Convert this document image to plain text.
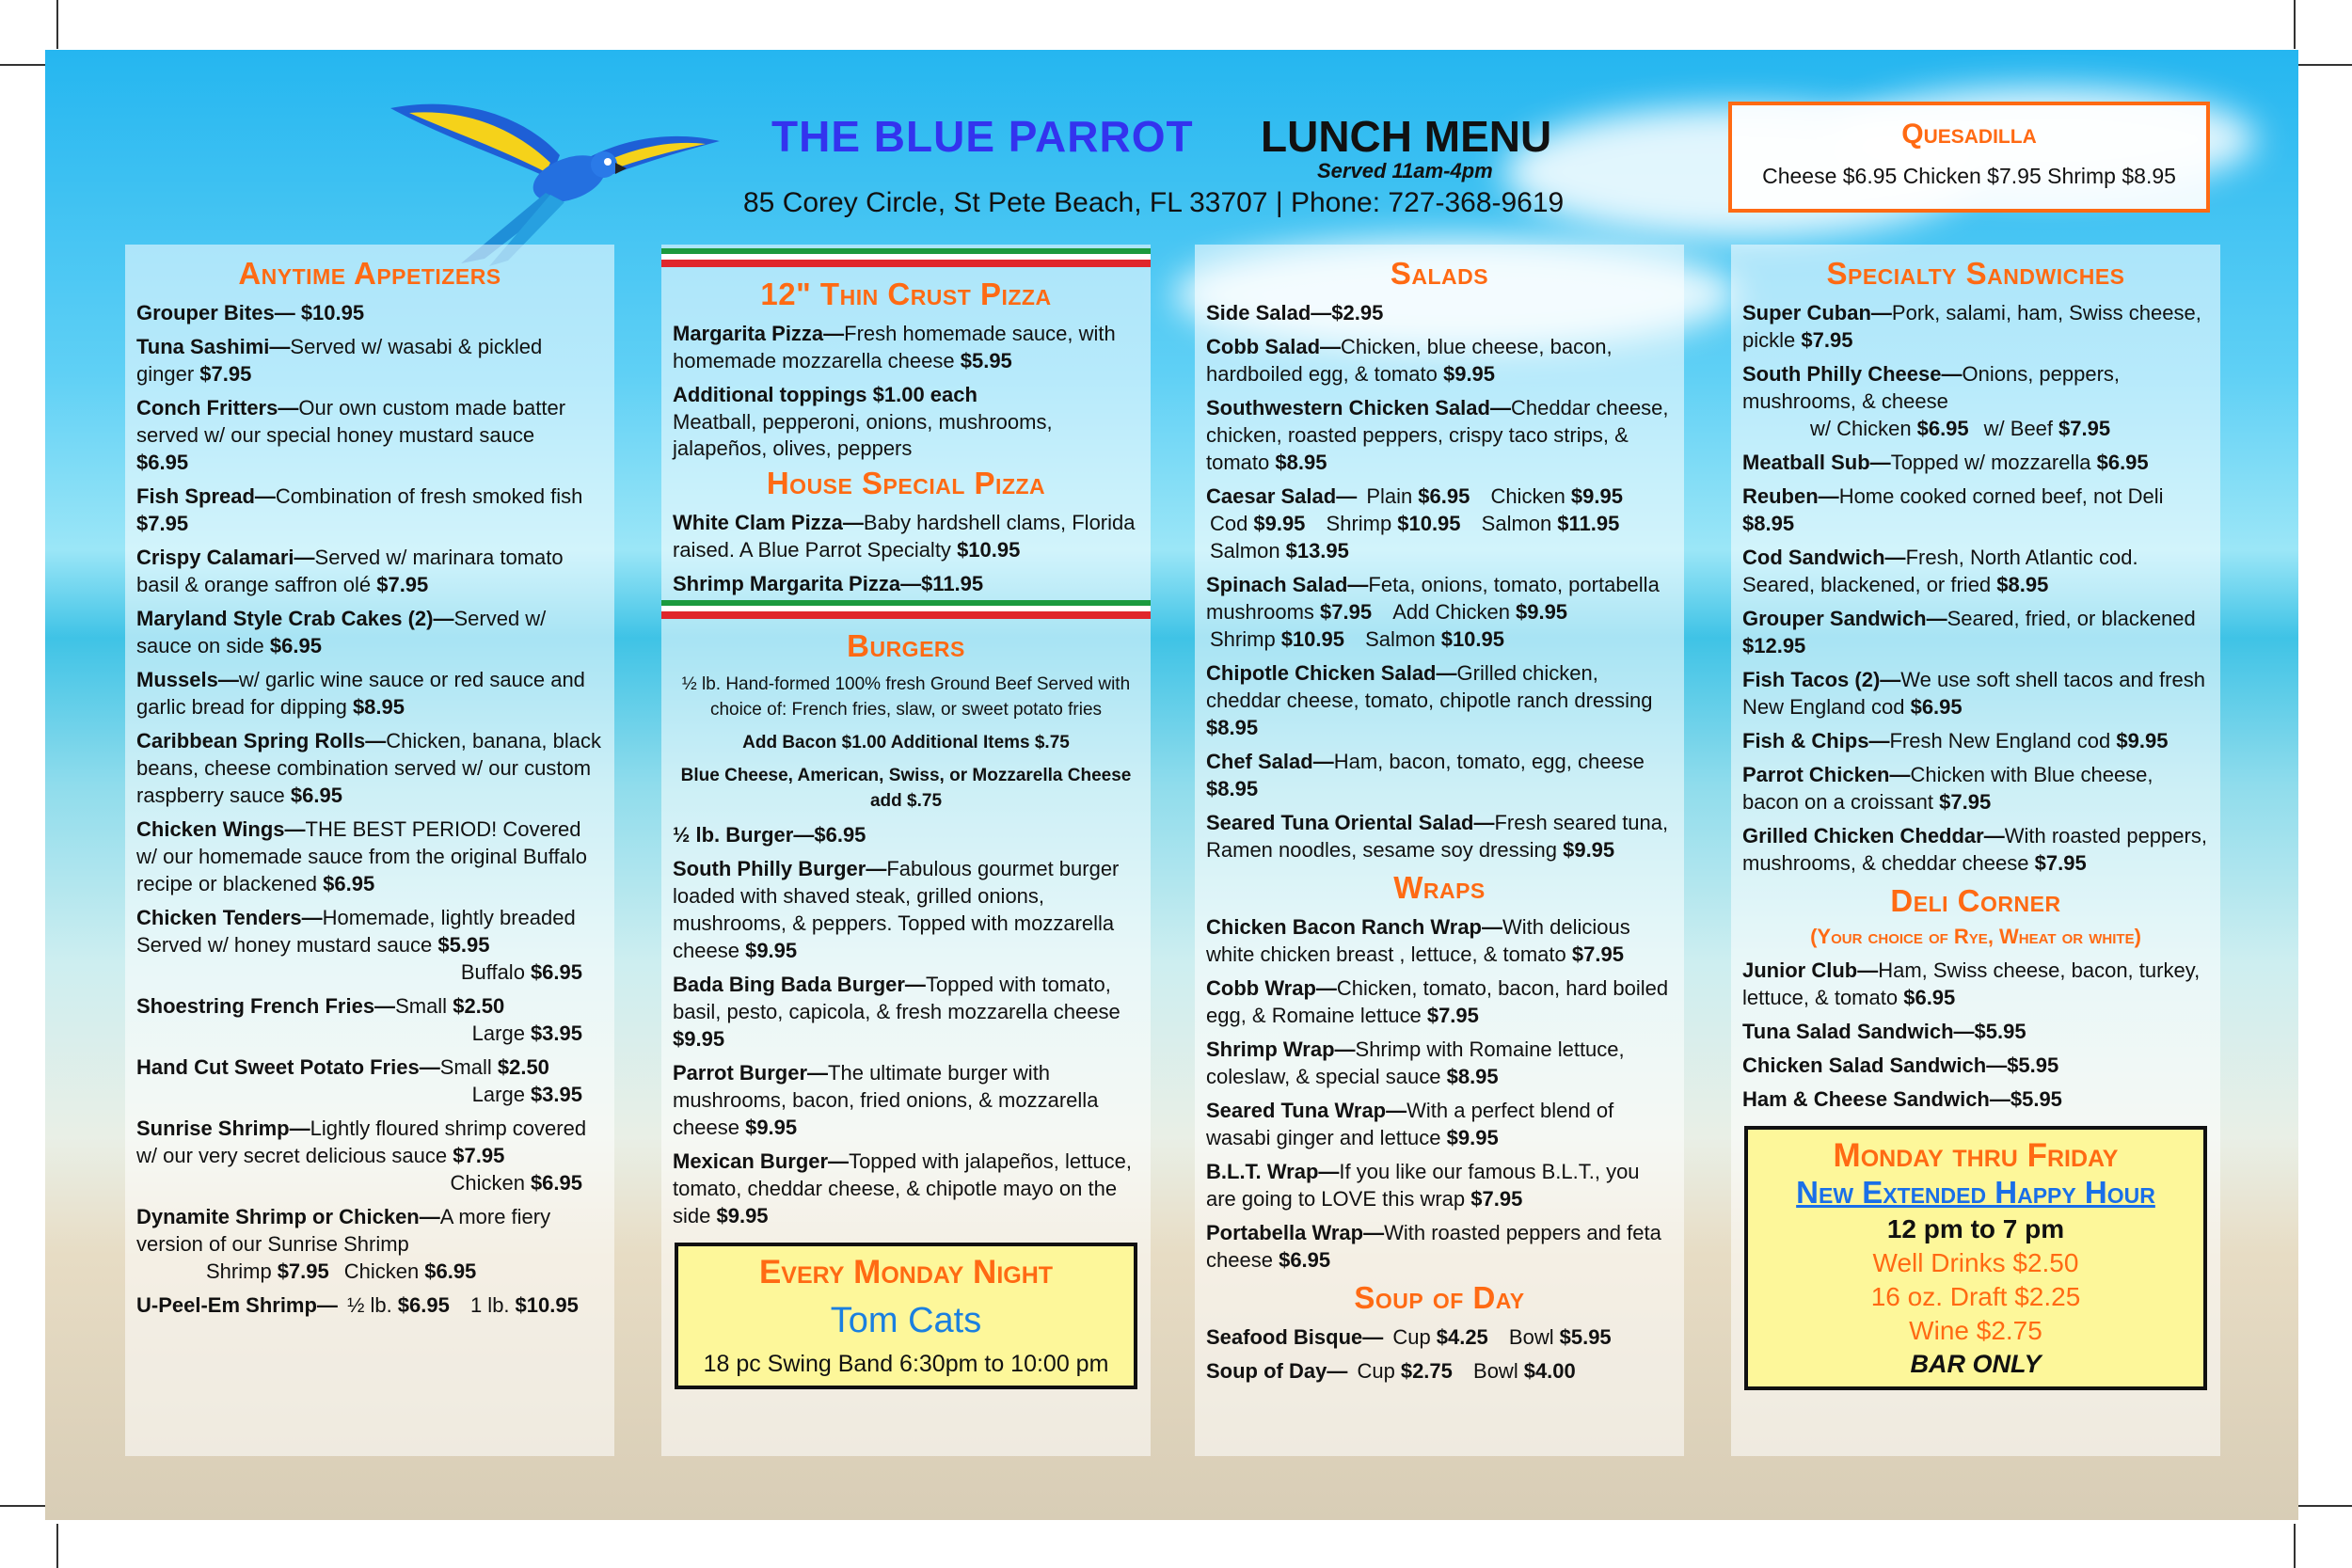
THE BLUE PARROT LUNCH MENU
Served 11am-4pm
85 Corey Circle, St Pete Beach, FL 33707 | Phone: 727-368-9619
Quesadilla
Cheese $6.95 Chicken $7.95 Shrimp $8.95
Anytime Appetizers
Grouper Bites— $10.95
Tuna Sashimi—Served w/ wasabi & pickled ginger $7.95
Conch Fritters—Our own custom made batter served w/ our special honey mustard sauce $6.95
Fish Spread—Combination of fresh smoked fish $7.95
Crispy Calamari—Served w/ marinara tomato basil & orange saffron olé $7.95
Maryland Style Crab Cakes (2)—Served w/ sauce on side $6.95
Mussels—w/ garlic wine sauce or red sauce and garlic bread for dipping $8.95
Caribbean Spring Rolls—Chicken, banana, black beans, cheese combination served w/ our custom raspberry sauce $6.95
Chicken Wings—THE BEST PERIOD! Covered w/ our homemade sauce from the original Buffalo recipe or blackened $6.95
Chicken Tenders—Homemade, lightly breaded Served w/ honey mustard sauce $5.95
Buffalo $6.95
Shoestring French Fries—Small $2.50
Large $3.95
Hand Cut Sweet Potato Fries—Small $2.50
Large $3.95
Sunrise Shrimp—Lightly floured shrimp covered w/ our very secret delicious sauce $7.95
Chicken $6.95
Dynamite Shrimp or Chicken—A more fiery version of our Sunrise Shrimp
Shrimp $7.95 Chicken $6.95
U-Peel-Em Shrimp— ½ lb. $6.95 1 lb. $10.95
12" Thin Crust Pizza
Margarita Pizza—Fresh homemade sauce, with homemade mozzarella cheese $5.95
Additional toppings $1.00 each
Meatball, pepperoni, onions, mushrooms, jalapeños, olives, peppers
House Special Pizza
White Clam Pizza—Baby hardshell clams, Florida raised. A Blue Parrot Specialty $10.95
Shrimp Margarita Pizza—$11.95
Burgers
½ lb. Hand-formed 100% fresh Ground Beef Served with choice of: French fries, slaw, or sweet potato fries
Add Bacon $1.00 Additional Items $.75
Blue Cheese, American, Swiss, or Mozzarella Cheese add $.75
½ lb. Burger—$6.95
South Philly Burger—Fabulous gourmet burger loaded with shaved steak, grilled onions, mushrooms, & peppers. Topped with mozzarella cheese $9.95
Bada Bing Bada Burger—Topped with tomato, basil, pesto, capicola, & fresh mozzarella cheese $9.95
Parrot Burger—The ultimate burger with mushrooms, bacon, fried onions, & mozzarella cheese $9.95
Mexican Burger—Topped with jalapeños, lettuce, tomato, cheddar cheese, & chipotle mayo on the side $9.95
Every Monday Night
Tom Cats
18 pc Swing Band 6:30pm to 10:00 pm
Salads
Side Salad—$2.95
Cobb Salad—Chicken, blue cheese, bacon, hardboiled egg, & tomato $9.95
Southwestern Chicken Salad—Cheddar cheese, chicken, roasted peppers, crispy taco strips, & tomato $8.95
Caesar Salad— Plain $6.95 Chicken $9.95 Cod $9.95 Shrimp $10.95 Salmon $11.95 Salmon $13.95
Spinach Salad—Feta, onions, tomato, portabella mushrooms $7.95 Add Chicken $9.95 Shrimp $10.95 Salmon $10.95
Chipotle Chicken Salad—Grilled chicken, cheddar cheese, tomato, chipotle ranch dressing $8.95
Chef Salad—Ham, bacon, tomato, egg, cheese $8.95
Seared Tuna Oriental Salad—Fresh seared tuna, Ramen noodles, sesame soy dressing $9.95
Wraps
Chicken Bacon Ranch Wrap—With delicious white chicken breast , lettuce, & tomato $7.95
Cobb Wrap—Chicken, tomato, bacon, hard boiled egg, & Romaine lettuce $7.95
Shrimp Wrap—Shrimp with Romaine lettuce, coleslaw, & special sauce $8.95
Seared Tuna Wrap—With a perfect blend of wasabi ginger and lettuce $9.95
B.L.T. Wrap—If you like our famous B.L.T., you are going to LOVE this wrap $7.95
Portabella Wrap—With roasted peppers and feta cheese $6.95
Soup of Day
Seafood Bisque— Cup $4.25 Bowl $5.95
Soup of Day— Cup $2.75 Bowl $4.00
Specialty Sandwiches
Super Cuban—Pork, salami, ham, Swiss cheese, pickle $7.95
South Philly Cheese—Onions, peppers, mushrooms, & cheese
w/ Chicken $6.95 w/ Beef $7.95
Meatball Sub—Topped w/ mozzarella $6.95
Reuben—Home cooked corned beef, not Deli $8.95
Cod Sandwich—Fresh, North Atlantic cod. Seared, blackened, or fried $8.95
Grouper Sandwich—Seared, fried, or blackened $12.95
Fish Tacos (2)—We use soft shell tacos and fresh New England cod $6.95
Fish & Chips—Fresh New England cod $9.95
Parrot Chicken—Chicken with Blue cheese, bacon on a croissant $7.95
Grilled Chicken Cheddar—With roasted peppers, mushrooms, & cheddar cheese $7.95
Deli Corner
(Your choice of Rye, Wheat or white)
Junior Club—Ham, Swiss cheese, bacon, turkey, lettuce, & tomato $6.95
Tuna Salad Sandwich—$5.95
Chicken Salad Sandwich—$5.95
Ham & Cheese Sandwich—$5.95
Monday thru Friday
New Extended Happy Hour
12 pm to 7 pm
Well Drinks $2.50
16 oz. Draft $2.25
Wine $2.75
BAR ONLY
